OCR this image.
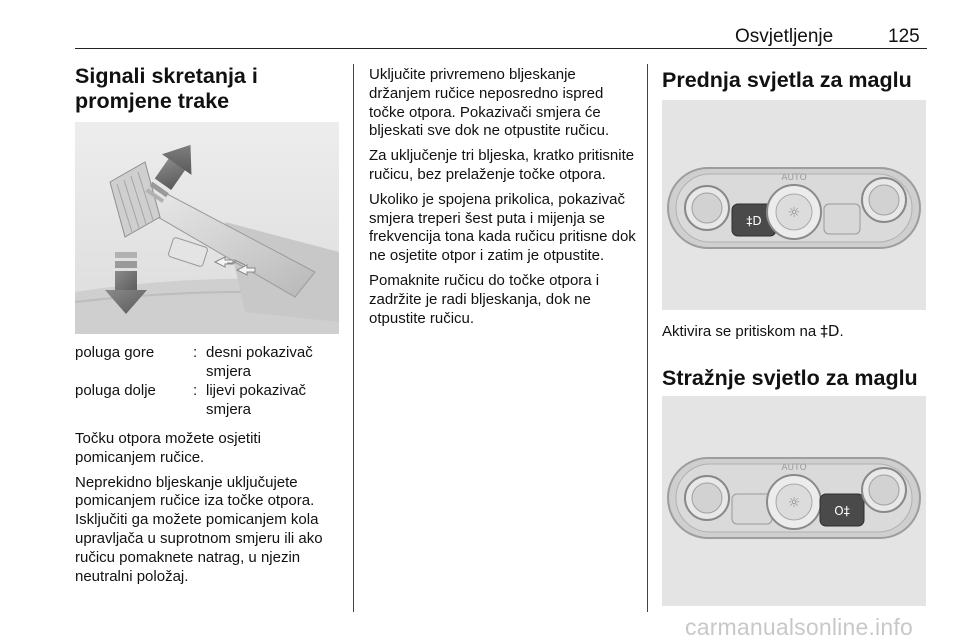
Osvjetljenje	125
Signali skretanja i promjene trake
poluga gore	: desni pokazivač smjera
poluga dolje : lijevi pokazivač smjera

Točku otpora možete osjetiti pomicanjem ručice.

Neprekidno bljeskanje uključujete pomicanjem ručice iza točke otpora. Isključiti ga možete pomicanjem kola upravljača u suprotnom smjeru ili ako ručicu pomaknete natrag, u njezin neutralni položaj.

Uključite privremeno bljeskanje držanjem ručice neposredno ispred točke otpora. Pokazivači smjera će bljeskati sve dok ne otpustite ručicu.

Za uključenje tri bljeska, kratko pritisnite ručicu, bez prelaženje točke otpora.

Ukoliko je spojena prikolica, pokazivač smjera treperi šest puta i mijenja se frekvencija tona kada ručicu pritisne dok ne osjetite otpor i zatim je otpustite.

Pomaknite ručicu do točke otpora i zadržite je radi bljeskanja, dok ne otpustite ručicu.

Prednja svjetla za maglu
‡D ☼
AUTO
Aktivira se pritiskom na ‡D.
Stražnje svjetlo za maglu
☼	O‡
AUTO
carmanualsonline.info
